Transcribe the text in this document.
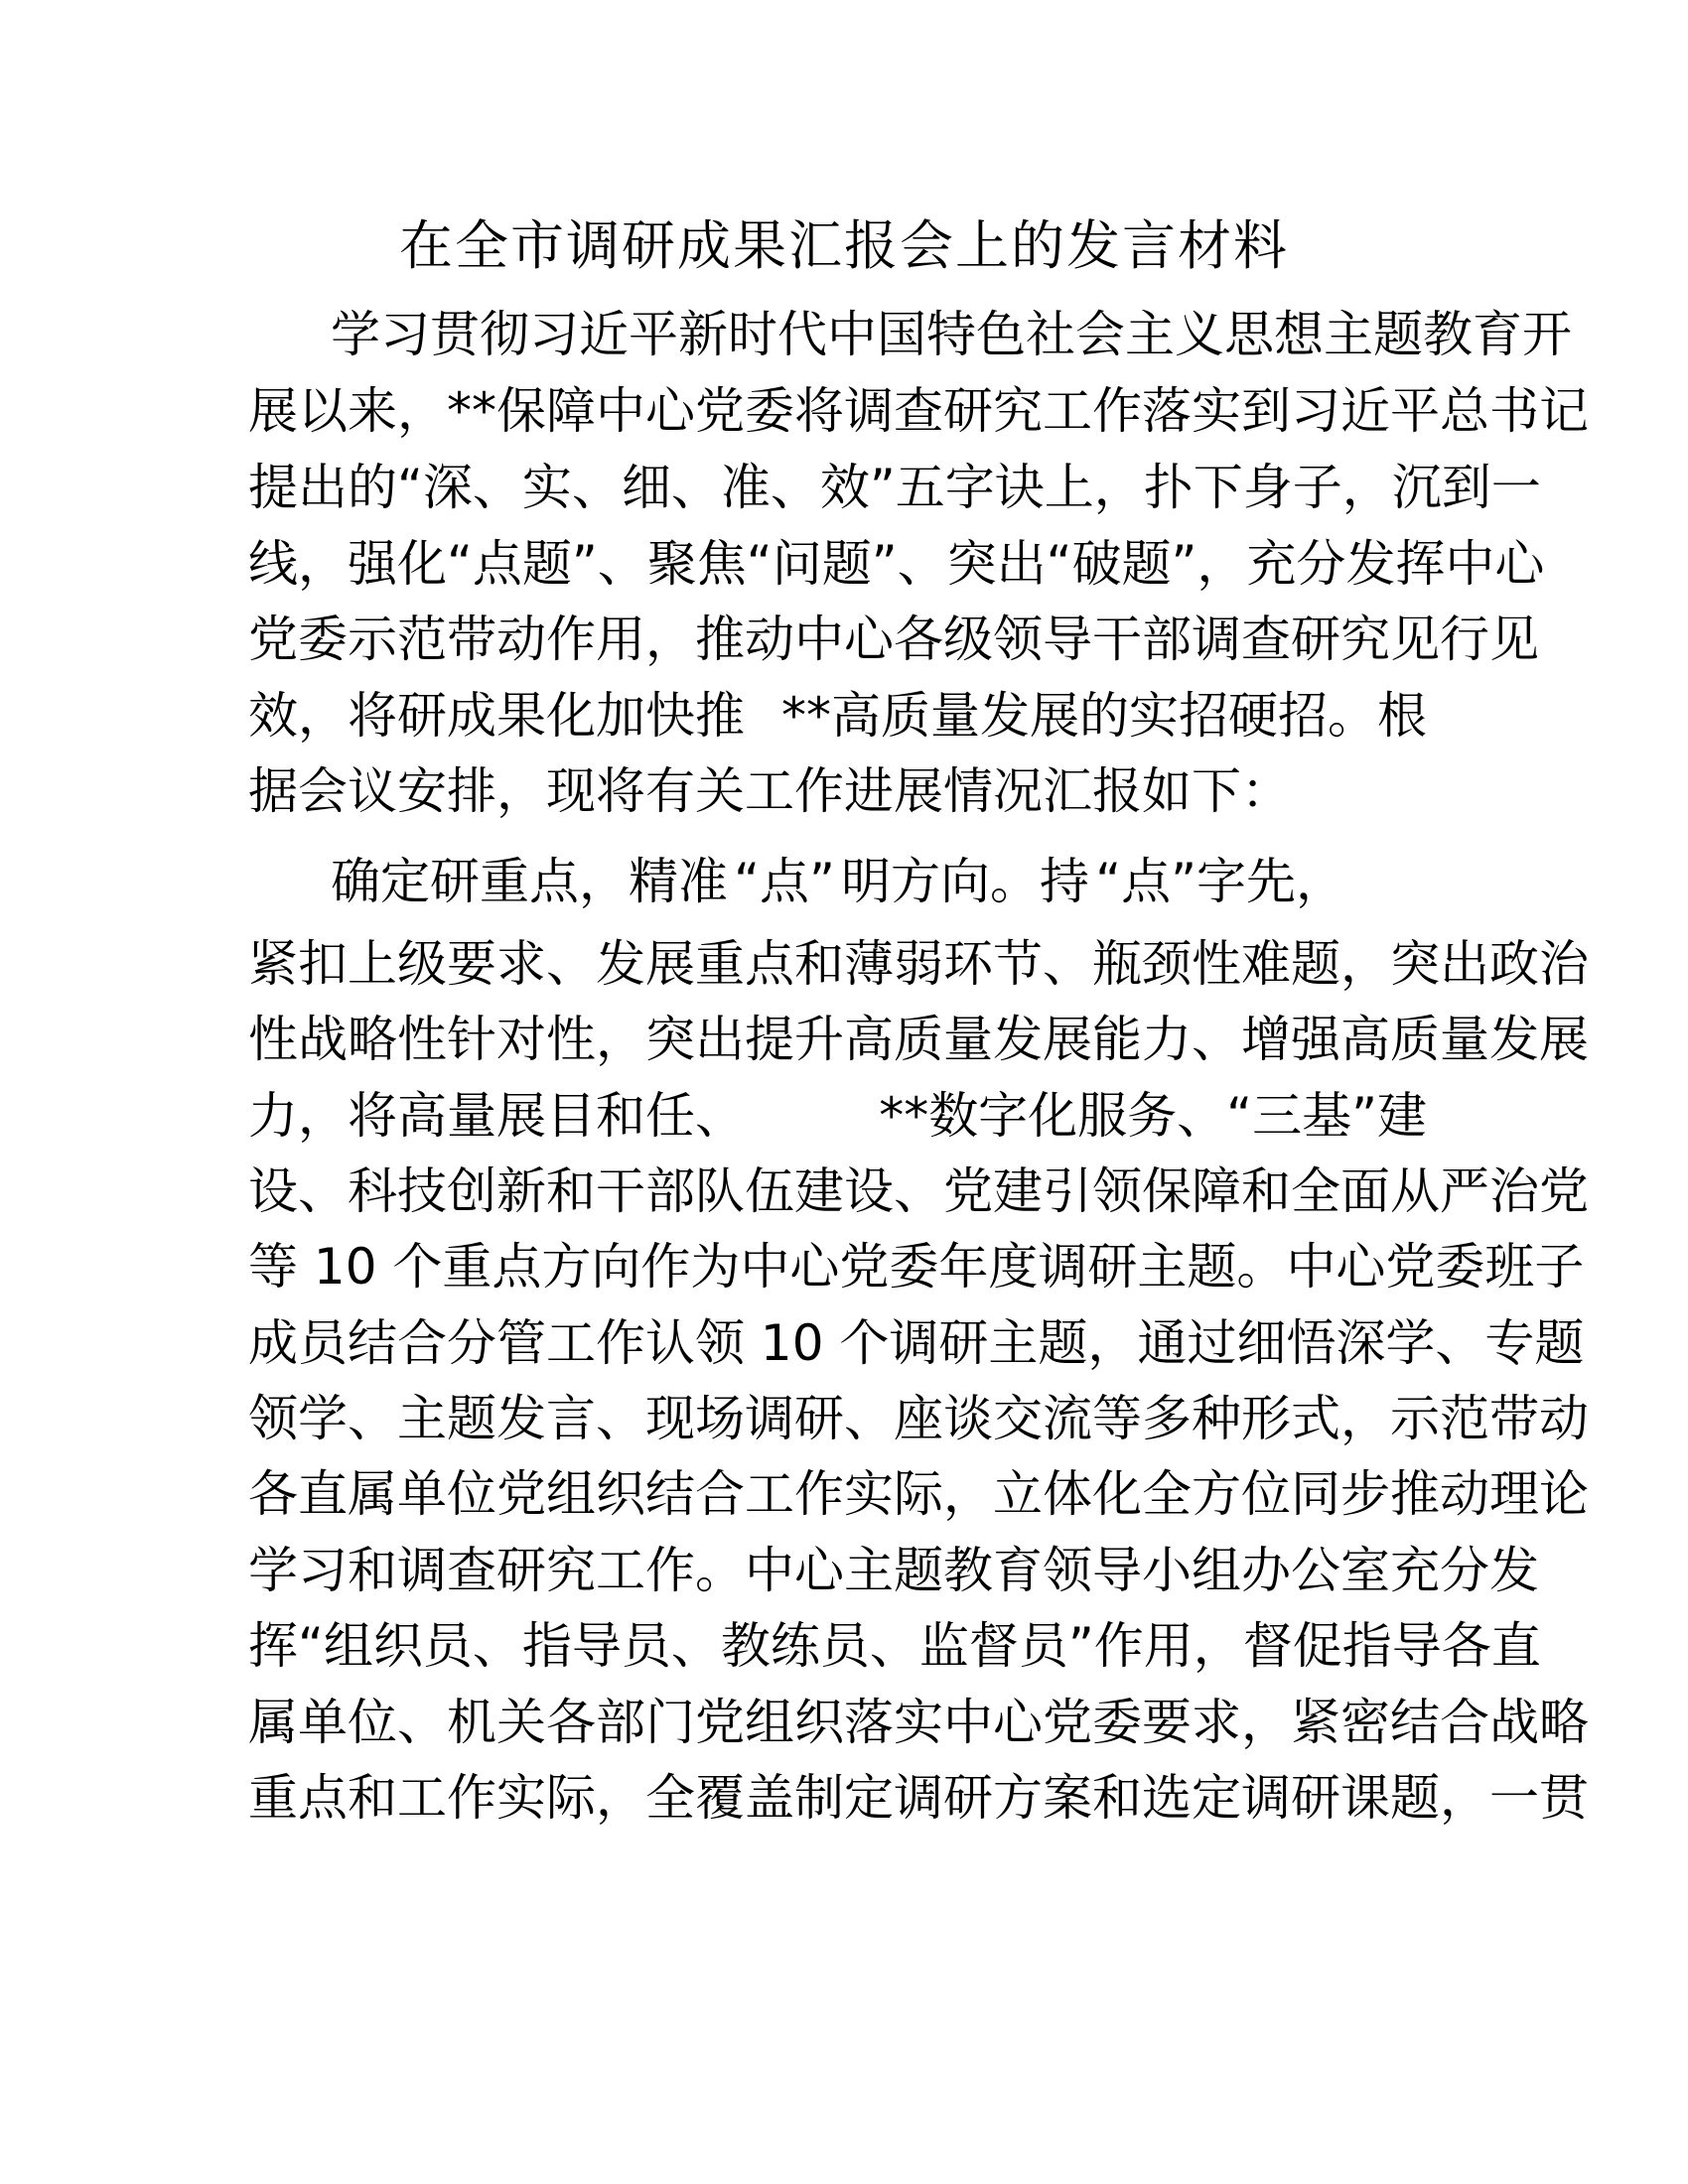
在全市调研成果汇报会上的发言材料
学习贯彻习近平新时代中国特色社会主义思想主题教育开
展以来，**保障中心党委将调查研究工作落实到习近平总书记
提出的“深、实、细、准、效”五字诀上，扑下身子，沉到一
线，强化“点题”、聚焦“问题”、突出“破题”，充分发挥中心
党委示范带动作用，推动中心各级领导干部调查研究见行见
效，将研成果化加快推 **高质量发展的实招硬招。根
据会议安排，现将有关工作进展情况汇报如下：
确定研重点，精准 “点” 明方向。持 “点”字先，
紧扣上级要求、发展重点和薄弱环节、瓶颈性难题，突出政治
性战略性针对性，突出提升高质量发展能力、增强高质量发展
力，将高量展目和任、	**数字化服务、“三基”建
设、科技创新和干部队伍建设、党建引领保障和全面从严治党
等 10 个重点方向作为中心党委年度调研主题。中心党委班子
成员结合分管工作认领 10 个调研主题，通过细悟深学、专题
领学、主题发言、现场调研、座谈交流等多种形式，示范带动
各直属单位党组织结合工作实际，立体化全方位同步推动理论
学习和调查研究工作。中心主题教育领导小组办公室充分发
挥“组织员、指导员、教练员、监督员”作用，督促指导各直
属单位、机关各部门党组织落实中心党委要求，紧密结合战略
重点和工作实际，全覆盖制定调研方案和选定调研课题，一贯
